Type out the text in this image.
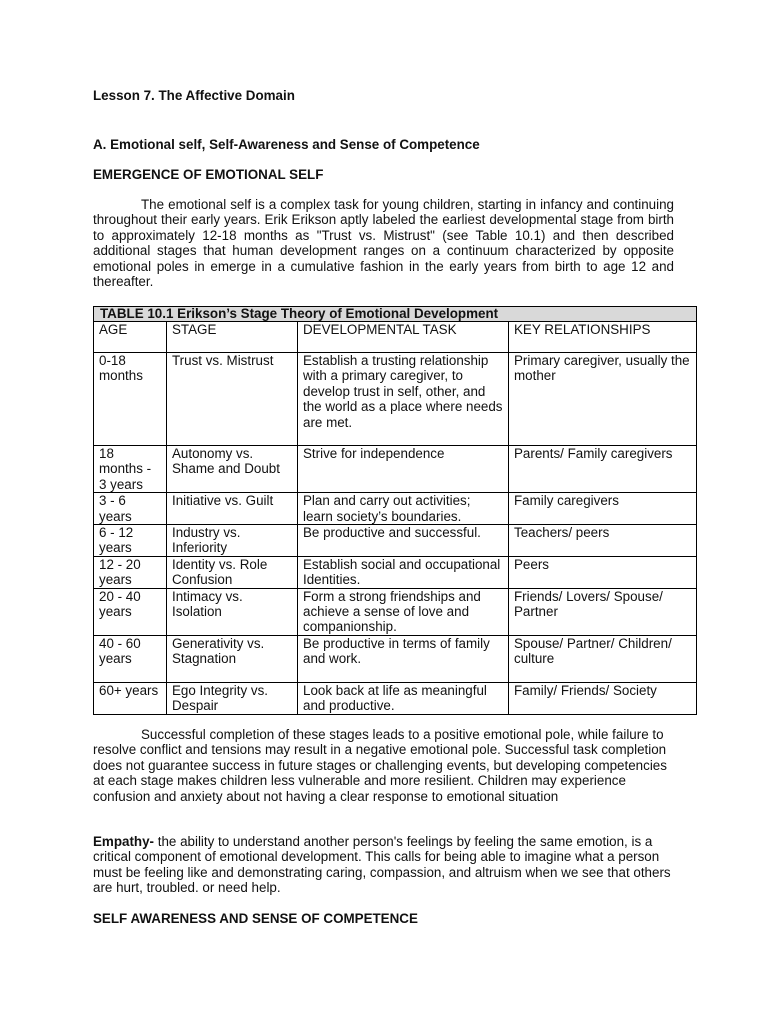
Lesson 7. The Affective Domain
A. Emotional self, Self-Awareness and Sense of Competence
EMERGENCE OF EMOTIONAL SELF
The emotional self is a complex task for young children, starting in infancy and continuing throughout their early years. Erik Erikson aptly labeled the earliest developmental stage from birth to approximately 12-18 months as "Trust vs. Mistrust" (see Table 10.1) and then described additional stages that human development ranges on a continuum characterized by opposite emotional poles in emerge in a cumulative fashion in the early years from birth to age 12 and thereafter.
TABLE 10.1 Erikson’s Stage Theory of Emotional Development			
AGE	STAGE	DEVELOPMENTAL TASK	KEY RELATIONSHIPS
0-18 months	Trust vs. Mistrust	Establish a trusting relationship with a primary caregiver, to develop trust in self, other, and the world as a place where needs are met.	Primary caregiver, usually the mother
18 months - 3 years	Autonomy vs. Shame and Doubt	Strive for independence	Parents/ Family caregivers
3 - 6 years	Initiative vs. Guilt	Plan and carry out activities; learn society’s boundaries.	Family caregivers
6 - 12 years	Industry vs. Inferiority	Be productive and successful.	Teachers/ peers
12 - 20 years	Identity vs. Role Confusion	Establish social and occupational Identities.	Peers
20 - 40 years	Intimacy vs. Isolation	Form a strong friendships and achieve a sense of love and companionship.	Friends/ Lovers/ Spouse/ Partner
40 - 60 years	Generativity vs. Stagnation	Be productive in terms of family and work.	Spouse/ Partner/ Children/ culture
60+ years	Ego Integrity vs. Despair	Look back at life as meaningful and productive.	Family/ Friends/ Society
Successful completion of these stages leads to a positive emotional pole, while failure to resolve conflict and tensions may result in a negative emotional pole. Successful task completion does not guarantee success in future stages or challenging events, but developing competencies at each stage makes children less vulnerable and more resilient. Children may experience confusion and anxiety about not having a clear response to emotional situation
Empathy- the ability to understand another person's feelings by feeling the same emotion, is a critical component of emotional development. This calls for being able to imagine what a person must be feeling like and demonstrating caring, compassion, and altruism when we see that others are hurt, troubled. or need help.
SELF AWARENESS AND SENSE OF COMPETENCE
